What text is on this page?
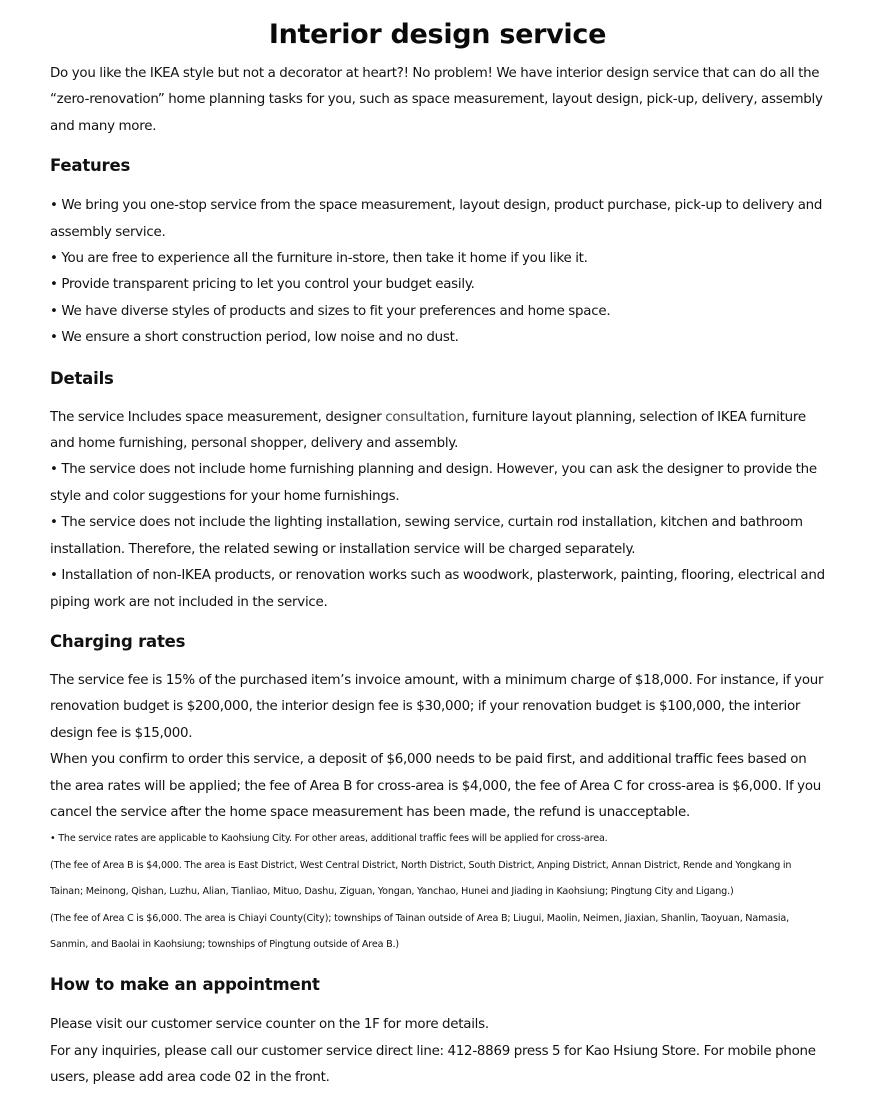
Interior design service

Do you like the IKEA style but not a decorator at heart?! No problem! We have interior design service that can do all the “zero-renovation” home planning tasks for you, such as space measurement, layout design, pick-up, delivery, assembly and many more.

Features

• We bring you one-stop service from the space measurement, layout design, product purchase, pick-up to delivery and assembly service.

• You are free to experience all the furniture in-store, then take it home if you like it.

• Provide transparent pricing to let you control your budget easily.

• We have diverse styles of products and sizes to fit your preferences and home space.

• We ensure a short construction period, low noise and no dust.

Details

The service Includes space measurement, designer consultation, furniture layout planning, selection of IKEA furniture and home furnishing, personal shopper, delivery and assembly.

• The service does not include home furnishing planning and design. However, you can ask the designer to provide the style and color suggestions for your home furnishings.

• The service does not include the lighting installation, sewing service, curtain rod installation, kitchen and bathroom installation. Therefore, the related sewing or installation service will be charged separately.

• Installation of non-IKEA products, or renovation works such as woodwork, plasterwork, painting, flooring, electrical and piping work are not included in the service.

Charging rates

The service fee is 15% of the purchased item’s invoice amount, with a minimum charge of $18,000. For instance, if your renovation budget is $200,000, the interior design fee is $30,000; if your renovation budget is $100,000, the interior design fee is $15,000.

When you confirm to order this service, a deposit of $6,000 needs to be paid first, and additional traffic fees based on the area rates will be applied; the fee of Area B for cross-area is $4,000, the fee of Area C for cross-area is $6,000. If you cancel the service after the home space measurement has been made, the refund is unacceptable.

• The service rates are applicable to Kaohsiung City. For other areas, additional traffic fees will be applied for cross-area.

(The fee of Area B is $4,000. The area is East District, West Central District, North District, South District, Anping District, Annan District, Rende and Yongkang in Tainan; Meinong, Qishan, Luzhu, Alian, Tianliao, Mituo, Dashu, Ziguan, Yongan, Yanchao, Hunei and Jiading in Kaohsiung; Pingtung City and Ligang.)

(The fee of Area C is $6,000. The area is Chiayi County(City); townships of Tainan outside of Area B; Liugui, Maolin, Neimen, Jiaxian, Shanlin, Taoyuan, Namasia, Sanmin, and Baolai in Kaohsiung; townships of Pingtung outside of Area B.)

How to make an appointment

Please visit our customer service counter on the 1F for more details.

For any inquiries, please call our customer service direct line: 412-8869 press 5 for Kao Hsiung Store. For mobile phone users, please add area code 02 in the front.
